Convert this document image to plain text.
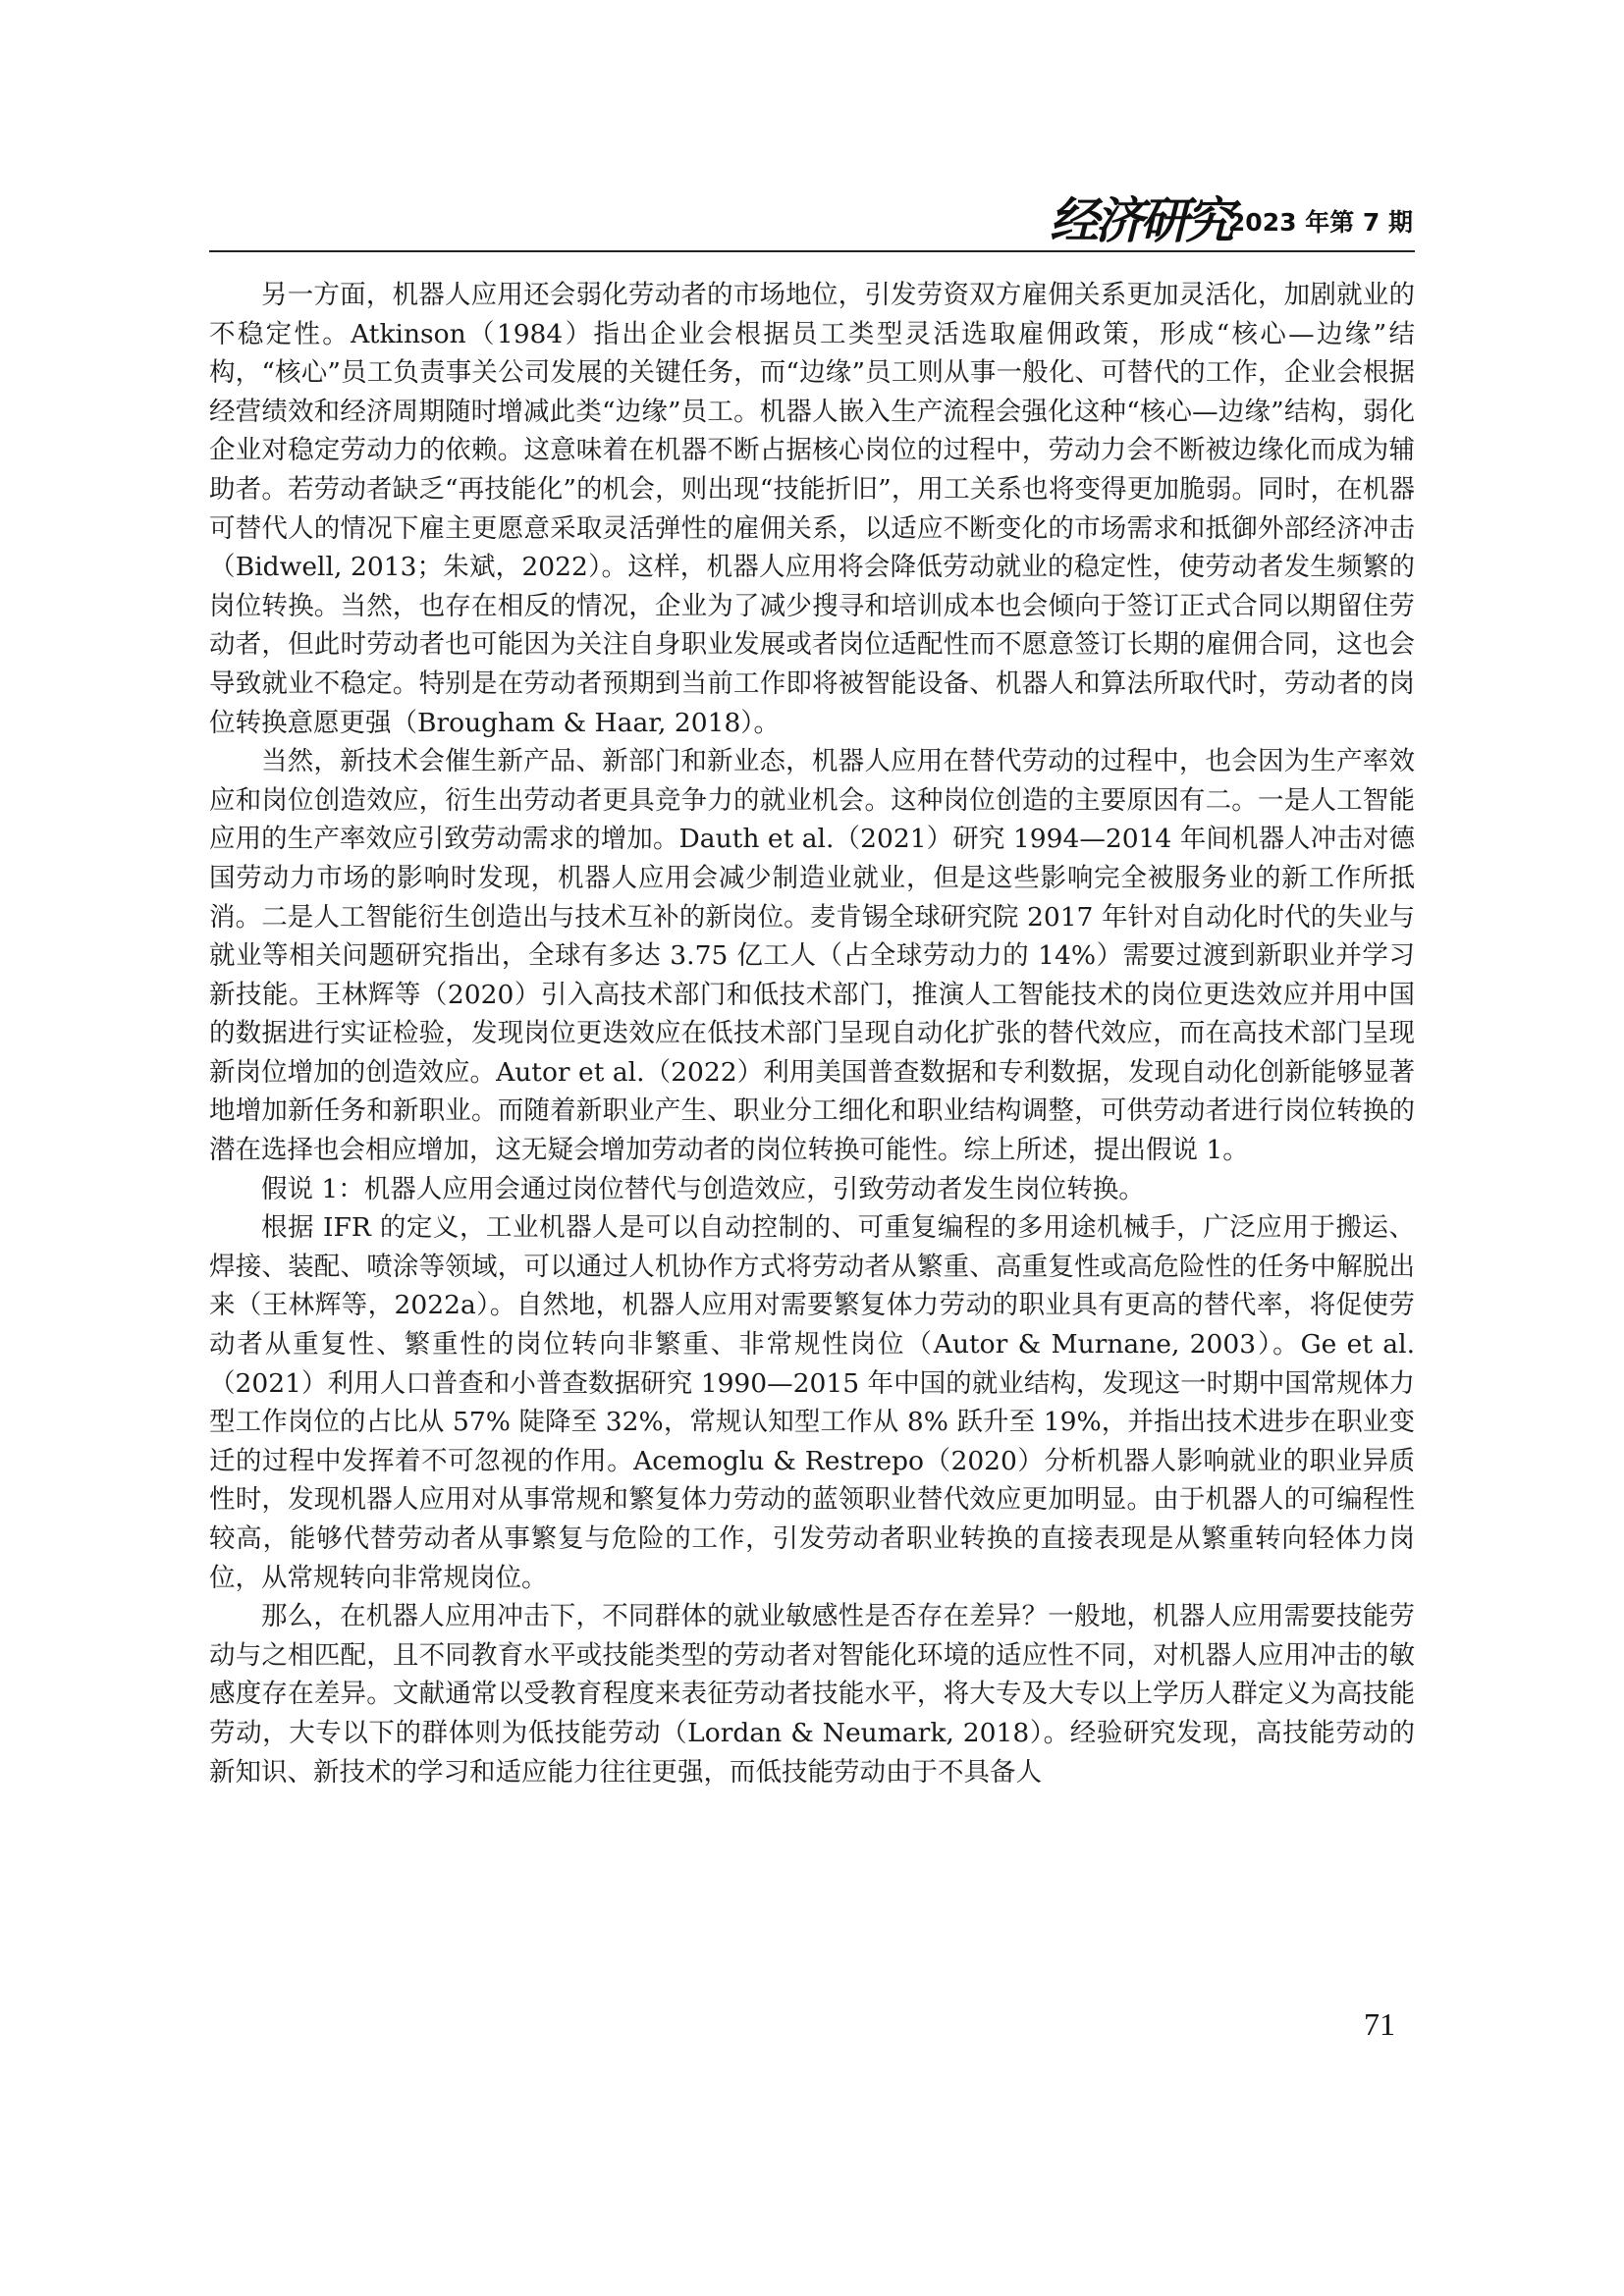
经济研究
2023 年第 7 期

另一方面，机器人应用还会弱化劳动者的市场地位，引发劳资双方雇佣关系更加灵活化，加剧就业的不稳定性。Atkinson（1984）指出企业会根据员工类型灵活选取雇佣政策，形成“核心—边缘”结构，“核心”员工负责事关公司发展的关键任务，而“边缘”员工则从事一般化、可替代的工作，企业会根据经营绩效和经济周期随时增减此类“边缘”员工。机器人嵌入生产流程会强化这种“核心—边缘”结构，弱化企业对稳定劳动力的依赖。这意味着在机器不断占据核心岗位的过程中，劳动力会不断被边缘化而成为辅助者。若劳动者缺乏“再技能化”的机会，则出现“技能折旧”，用工关系也将变得更加脆弱。同时，在机器可替代人的情况下雇主更愿意采取灵活弹性的雇佣关系，以适应不断变化的市场需求和抵御外部经济冲击（Bidwell, 2013；朱斌，2022）。这样，机器人应用将会降低劳动就业的稳定性，使劳动者发生频繁的岗位转换。当然，也存在相反的情况，企业为了减少搜寻和培训成本也会倾向于签订正式合同以期留住劳动者，但此时劳动者也可能因为关注自身职业发展或者岗位适配性而不愿意签订长期的雇佣合同，这也会导致就业不稳定。特别是在劳动者预期到当前工作即将被智能设备、机器人和算法所取代时，劳动者的岗位转换意愿更强（Brougham & Haar, 2018）。

当然，新技术会催生新产品、新部门和新业态，机器人应用在替代劳动的过程中，也会因为生产率效应和岗位创造效应，衍生出劳动者更具竞争力的就业机会。这种岗位创造的主要原因有二。一是人工智能应用的生产率效应引致劳动需求的增加。Dauth et al.（2021）研究 1994—2014 年间机器人冲击对德国劳动力市场的影响时发现，机器人应用会减少制造业就业，但是这些影响完全被服务业的新工作所抵消。二是人工智能衍生创造出与技术互补的新岗位。麦肯锡全球研究院 2017 年针对自动化时代的失业与就业等相关问题研究指出，全球有多达 3.75 亿工人（占全球劳动力的 14%）需要过渡到新职业并学习新技能。王林辉等（2020）引入高技术部门和低技术部门，推演人工智能技术的岗位更迭效应并用中国的数据进行实证检验，发现岗位更迭效应在低技术部门呈现自动化扩张的替代效应，而在高技术部门呈现新岗位增加的创造效应。Autor et al.（2022）利用美国普查数据和专利数据，发现自动化创新能够显著地增加新任务和新职业。而随着新职业产生、职业分工细化和职业结构调整，可供劳动者进行岗位转换的潜在选择也会相应增加，这无疑会增加劳动者的岗位转换可能性。综上所述，提出假说 1。

假说 1：机器人应用会通过岗位替代与创造效应，引致劳动者发生岗位转换。

根据 IFR 的定义，工业机器人是可以自动控制的、可重复编程的多用途机械手，广泛应用于搬运、焊接、装配、喷涂等领域，可以通过人机协作方式将劳动者从繁重、高重复性或高危险性的任务中解脱出来（王林辉等，2022a）。自然地，机器人应用对需要繁复体力劳动的职业具有更高的替代率，将促使劳动者从重复性、繁重性的岗位转向非繁重、非常规性岗位（Autor & Murnane, 2003）。Ge et al.（2021）利用人口普查和小普查数据研究 1990—2015 年中国的就业结构，发现这一时期中国常规体力型工作岗位的占比从 57% 陡降至 32%，常规认知型工作从 8% 跃升至 19%，并指出技术进步在职业变迁的过程中发挥着不可忽视的作用。Acemoglu & Restrepo（2020）分析机器人影响就业的职业异质性时，发现机器人应用对从事常规和繁复体力劳动的蓝领职业替代效应更加明显。由于机器人的可编程性较高，能够代替劳动者从事繁复与危险的工作，引发劳动者职业转换的直接表现是从繁重转向轻体力岗位，从常规转向非常规岗位。

那么，在机器人应用冲击下，不同群体的就业敏感性是否存在差异？一般地，机器人应用需要技能劳动与之相匹配，且不同教育水平或技能类型的劳动者对智能化环境的适应性不同，对机器人应用冲击的敏感度存在差异。文献通常以受教育程度来表征劳动者技能水平，将大专及大专以上学历人群定义为高技能劳动，大专以下的群体则为低技能劳动（Lordan & Neumark, 2018）。经验研究发现，高技能劳动的新知识、新技术的学习和适应能力往往更强，而低技能劳动由于不具备人

71
